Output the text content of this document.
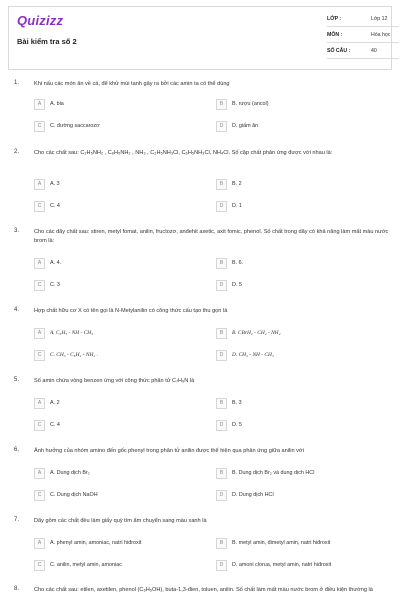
Quizizz
Bài kiểm tra số 2
LỚP :	Lớp 12
MÔN :	Hóa học
SỐ CÂU :	40
1.	Khi nấu các món ăn về cá, để khử mùi tanh gây ra bởi các amin ta có thể dùng
A	A. bia	B	B. rượu (ancol)
C	C. đường saccarozơ	D	D. giấm ăn
2.	Cho các chất sau: C₂H₅NH₂ , C₆H₅NH₂ , NH₃ , C₂H₅NH₃Cl, C₆H₅NH₃Cl, NH₄Cl. Số cặp chất phản ứng được với nhau là:
A	A. 3	B	B. 2
C	C. 4	D	D. 1
3.	Cho các dãy chất sau: stiren, metyl fomat, anilin, fructozơ, anđehit axetic, axit fomic, phenol. Số chất trong dãy có khả năng làm mất màu nước brom là:
A	A. 4.	B	B. 6.
C	C. 3	D	D. 5
4.	Hợp chất hữu cơ X có tên gọi là N-Metylanilin có công thức cấu tạo thu gọn là
A	A. C₆H₅ - NH - CH₃	B	B. CBrH₂ - CH₂ - NH₂
C	C. CH₃ - C₆H₄ - NH₂ .	D	D. CH₃ - NH - CH₃
5.	Số amin chứa vòng benzen ứng với công thức phân tử C₇H₉N là
A	A. 2	B	B. 3
C	C. 4	D	D. 5
6.	Ảnh hưởng của nhóm amino đến gốc phenyl trong phân tử anilin được thể hiện qua phản ứng giữa anilin với
A	A. Dung dịch Br₂	B	B. Dung dịch Br₂ và dung dịch HCl
C	C. Dung dịch NaOH	D	D. Dung dịch HCl
7.	Dãy gồm các chất đều làm giấy quỳ tím ẩm chuyển sang màu xanh là
A	A. phenyl amin, amoniac, natri hiđroxit	B	B. metyl amin, đimetyl amin, natri hiđroxit
C	C. anilin, metyl amin, amoniac	D	D. amoni clorua, metyl amin, natri hiđroxit
8.	Cho các chất sau: etilen, axetilen, phenol (C₆H₅OH), buta-1,3-đien, toluen, anilin. Số chất làm mất màu nước brom ở điều kiện thường là
